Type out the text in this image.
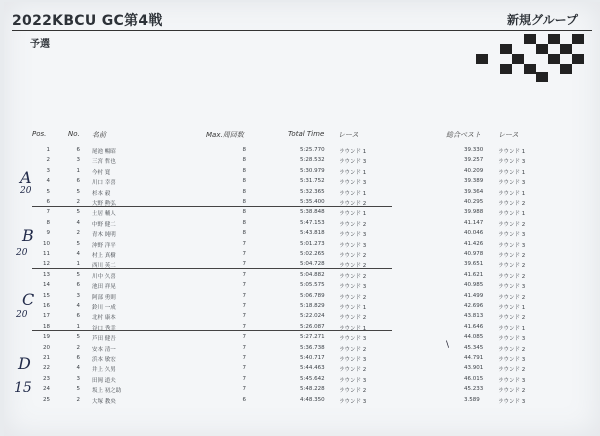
2022KBCU GC第4戦	新規グループ
予選
Pos.	No. 名前	Max.周回数	Total Time レース	総合ベスト レース
1	6 尾池 暢昭	8	5:25.770	ラウンド 1	39.330	ラウンド 1
2	3 三宮 哲也	8	5:28.532	ラウンド 3	39.257	ラウンド 3
3	1 今村 寛	8	5:30.979	ラウンド 1	40.209	ラウンド 1
4	6 川口 幸喜	8	5:31.752	ラウンド 3	39.389	ラウンド 3
5	5 杉本 毅	8	5:32.365	ラウンド 1	39.364	ラウンド 1
6	2 大野 勲弘	8	5:35.400	ラウンド 2	40.295	ラウンド 2
7	5 土居 輔人	8	5:38.848	ラウンド 1	39.988	ラウンド 1
8	4 中野 健二	8	5:47.153	ラウンド 2	41.147	ラウンド 2
9	2 青木 純明	8	5:43.818	ラウンド 3	40.046	ラウンド 3
10	5 沖野 洋平	7	5:01.273	ラウンド 3	41.426	ラウンド 3
11	4 村上 真樹	7	5:02.265	ラウンド 2	40.978	ラウンド 2
12	1 西川 英二	7	5:04.728	ラウンド 2	39.651	ラウンド 2
13	5 川中 久喜	7	5:04.882	ラウンド 2	41.621	ラウンド 2
14	6 池田 祥晃	7	5:05.575	ラウンド 3	40.985	ラウンド 3
15	3 阿部 勇則	7	5:06.789	ラウンド 2	41.499	ラウンド 2
16	4 鈴川 一成	7	5:18.829	ラウンド 1	42.696	ラウンド 1
17	6 北村 康本	7	5:22.024	ラウンド 2	43.813	ラウンド 2
18	1 谷口 秀幸	7	5:26.087	ラウンド 1	41.646	ラウンド 1
19	5 芦田 健吾	7	5:27.271	ラウンド 3	44.085	ラウンド 3
20	2 安本 清一	7	5:36.738	ラウンド 2	45.345	ラウンド 2
21	6 浜本 敏宏	7	5:40.717	ラウンド 3	44.791	ラウンド 3
22	4 井上 久男	7	5:44.463	ラウンド 2	43.901	ラウンド 2
23	3 田岡 道夫	7	5:45.642	ラウンド 3	46.015	ラウンド 3
24	5 坂上 初之助	7	5:48.228	ラウンド 2	45.233	ラウンド 2
25	2 大塚 教央	6	4:48.350	ラウンド 3	3.589	ラウンド 3
A
20
B
20
C
20
D
15
\
